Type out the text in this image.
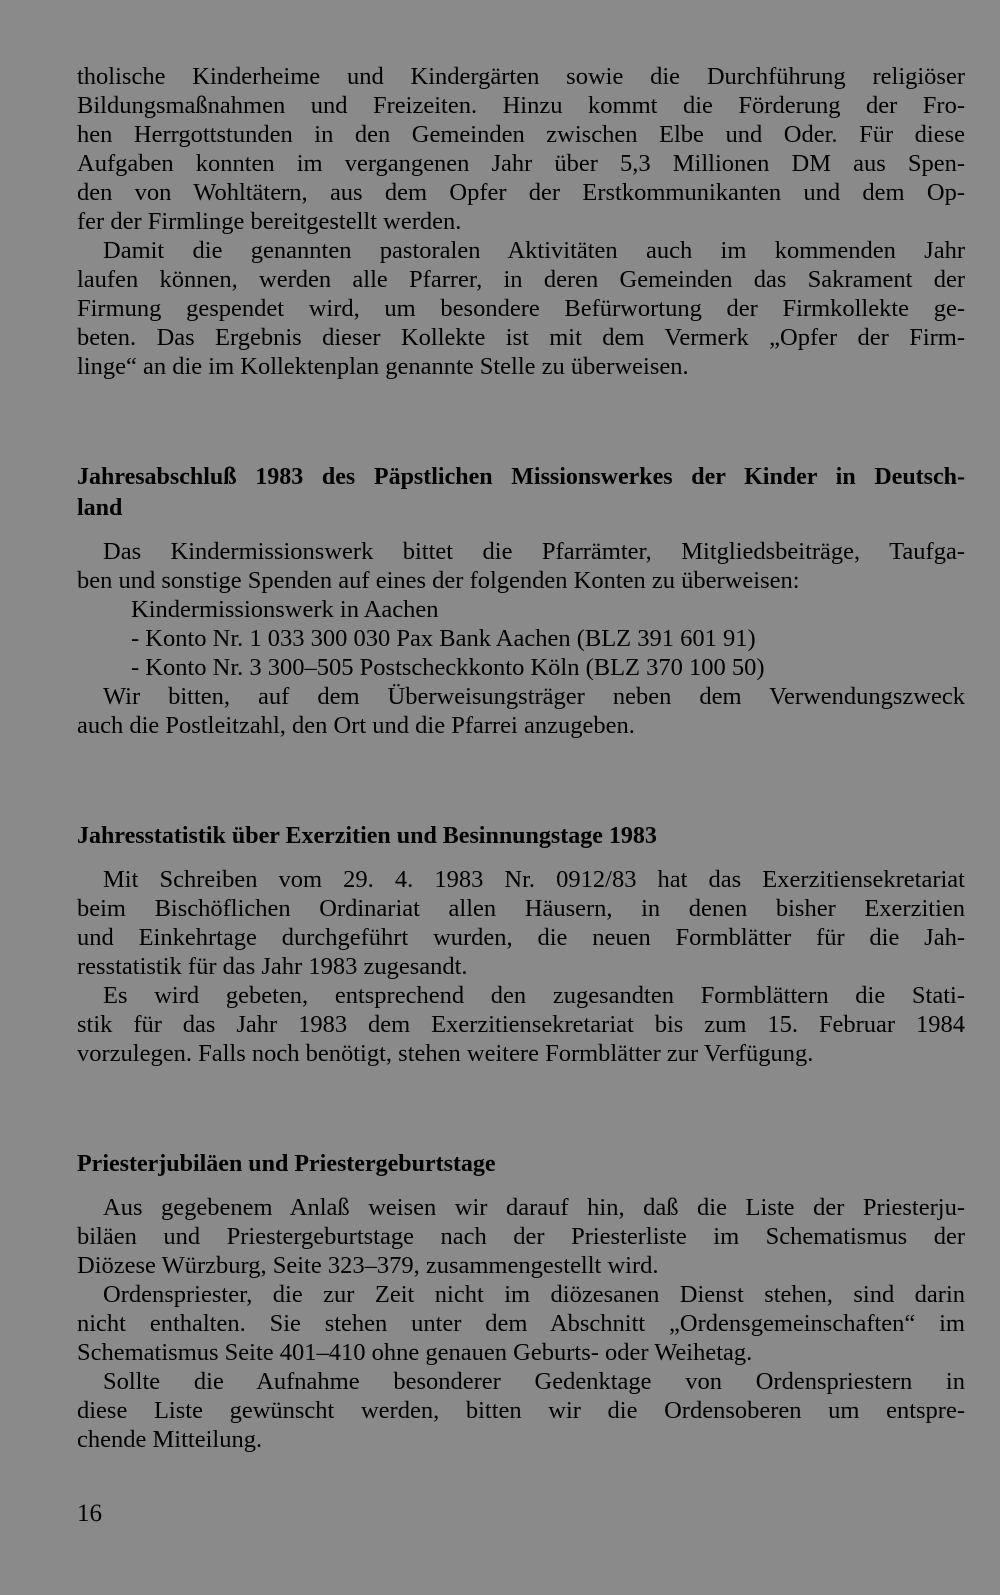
tholische Kinderheime und Kindergärten sowie die Durchführung religiöser
Bildungsmaßnahmen und Freizeiten. Hinzu kommt die Förderung der Fro-
hen Herrgottstunden in den Gemeinden zwischen Elbe und Oder. Für diese
Aufgaben konnten im vergangenen Jahr über 5,3 Millionen DM aus Spen-
den von Wohltätern, aus dem Opfer der Erstkommunikanten und dem Op-
fer der Firmlinge bereitgestellt werden.
Damit die genannten pastoralen Aktivitäten auch im kommenden Jahr
laufen können, werden alle Pfarrer, in deren Gemeinden das Sakrament der
Firmung gespendet wird, um besondere Befürwortung der Firmkollekte ge-
beten. Das Ergebnis dieser Kollekte ist mit dem Vermerk „Opfer der Firm-
linge“ an die im Kollektenplan genannte Stelle zu überweisen.
Jahresabschluß 1983 des Päpstlichen Missionswerkes der Kinder in Deutsch-
land
Das Kindermissionswerk bittet die Pfarrämter, Mitgliedsbeiträge, Taufga-
ben und sonstige Spenden auf eines der folgenden Konten zu überweisen:
Kindermissionswerk in Aachen
- Konto Nr. 1 033 300 030 Pax Bank Aachen (BLZ 391 601 91)
- Konto Nr. 3 300–505 Postscheckkonto Köln (BLZ 370 100 50)
Wir bitten, auf dem Überweisungsträger neben dem Verwendungszweck
auch die Postleitzahl, den Ort und die Pfarrei anzugeben.
Jahresstatistik über Exerzitien und Besinnungstage 1983
Mit Schreiben vom 29. 4. 1983 Nr. 0912/83 hat das Exerzitiensekretariat
beim Bischöflichen Ordinariat allen Häusern, in denen bisher Exerzitien
und Einkehrtage durchgeführt wurden, die neuen Formblätter für die Jah-
resstatistik für das Jahr 1983 zugesandt.
Es wird gebeten, entsprechend den zugesandten Formblättern die Stati-
stik für das Jahr 1983 dem Exerzitiensekretariat bis zum 15. Februar 1984
vorzulegen. Falls noch benötigt, stehen weitere Formblätter zur Verfügung.
Priesterjubiläen und Priestergeburtstage
Aus gegebenem Anlaß weisen wir darauf hin, daß die Liste der Priesterju-
biläen und Priestergeburtstage nach der Priesterliste im Schematismus der
Diözese Würzburg, Seite 323–379, zusammengestellt wird.
Ordenspriester, die zur Zeit nicht im diözesanen Dienst stehen, sind darin
nicht enthalten. Sie stehen unter dem Abschnitt „Ordensgemeinschaften“ im
Schematismus Seite 401–410 ohne genauen Geburts- oder Weihetag.
Sollte die Aufnahme besonderer Gedenktage von Ordenspriestern in
diese Liste gewünscht werden, bitten wir die Ordensoberen um entspre-
chende Mitteilung.
16
